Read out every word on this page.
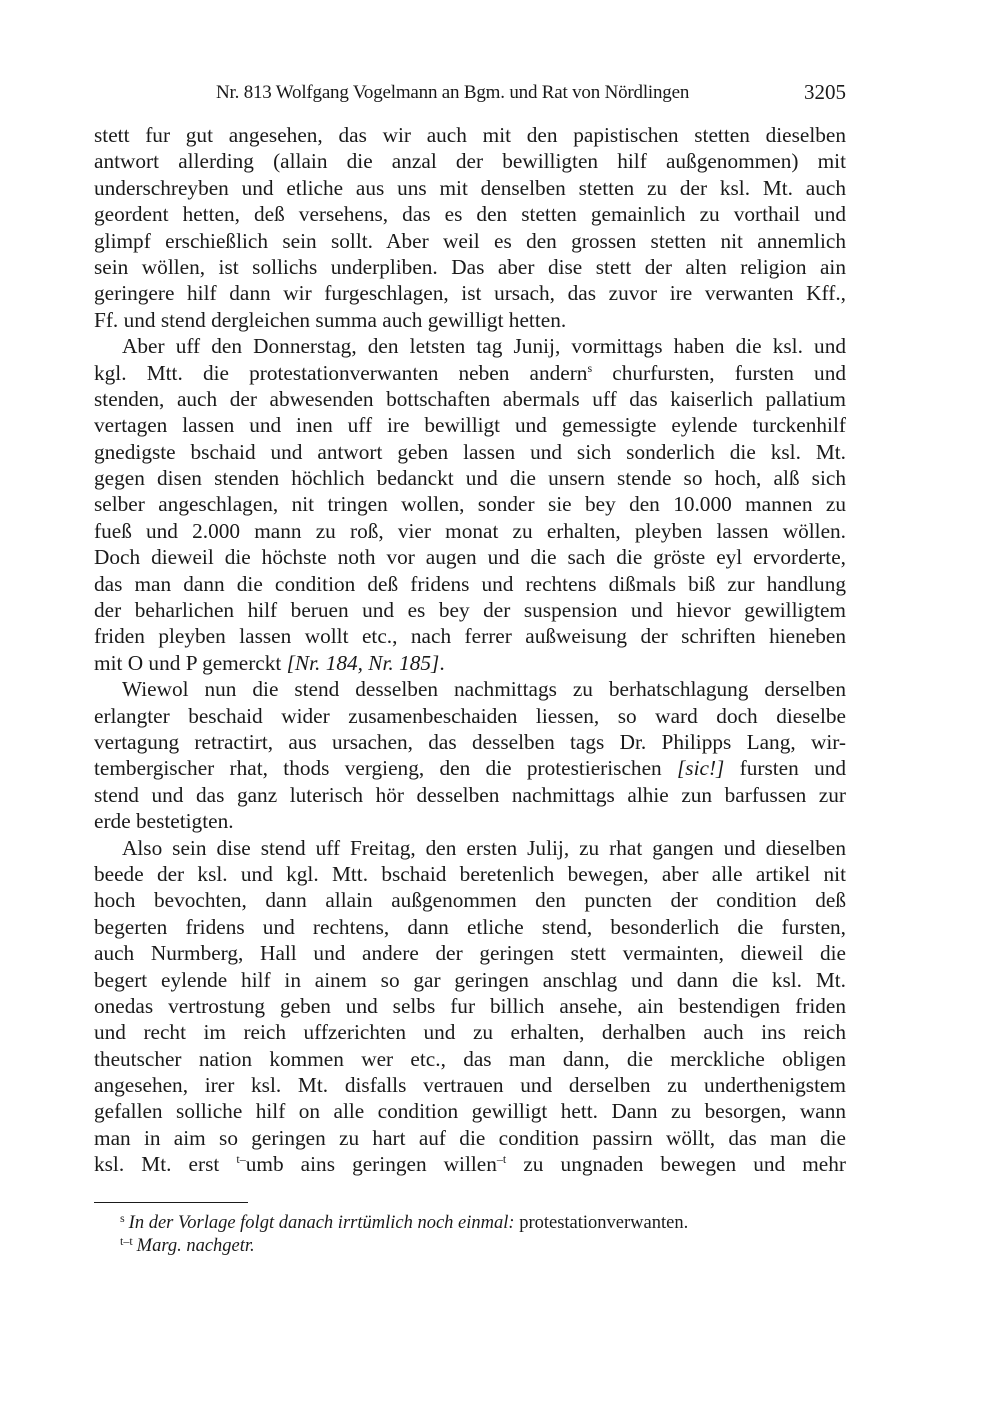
Nr. 813 Wolfgang Vogelmann an Bgm. und Rat von Nördlingen	3205
stett fur gut angesehen, das wir auch mit den papistischen stetten dieselben
antwort allerding (allain die anzal der bewilligten hilf außgenommen) mit
underschreyben und etliche aus uns mit denselben stetten zu der ksl. Mt. auch
geordent hetten, deß versehens, das es den stetten gemainlich zu vorthail und
glimpf erschießlich sein sollt. Aber weil es den grossen stetten nit annemlich
sein wöllen, ist sollichs underpliben. Das aber dise stett der alten religion ain
geringere hilf dann wir furgeschlagen, ist ursach, das zuvor ire verwanten Kff.,
Ff. und stend dergleichen summa auch gewilligt hetten.
Aber uff den Donnerstag, den letsten tag Junij, vormittags haben die ksl. und
kgl. Mtt. die protestationverwanten neben andern$^s$ churfursten, fursten und
stenden, auch der abwesenden bottschaften abermals uff das kaiserlich pallatium
vertagen lassen und inen uff ire bewilligt und gemessigte eylende turckenhilf
gnedigste bschaid und antwort geben lassen und sich sonderlich die ksl. Mt.
gegen disen stenden höchlich bedanckt und die unsern stende so hoch, alß sich
selber angeschlagen, nit tringen wollen, sonder sie bey den 10.000 mannen zu
fueß und 2.000 mann zu roß, vier monat zu erhalten, pleyben lassen wöllen.
Doch dieweil die höchste noth vor augen und die sach die gröste eyl ervorderte,
das man dann die condition deß fridens und rechtens dißmals biß zur handlung
der beharlichen hilf beruen und es bey der suspension und hievor gewilligtem
friden pleyben lassen wollt etc., nach ferrer außweisung der schriften hieneben
mit O und P gemerckt [Nr. 184, Nr. 185].
Wiewol nun die stend desselben nachmittags zu berhatschlagung derselben
erlangter beschaid wider zusamenbeschaiden liessen, so ward doch dieselbe
vertagung retractirt, aus ursachen, das desselben tags Dr. Philipps Lang, wir-
tembergischer rhat, thods vergieng, den die protestierischen [sic!] fursten und
stend und das ganz luterisch hör desselben nachmittags alhie zun barfussen zur
erde bestetigten.
Also sein dise stend uff Freitag, den ersten Julij, zu rhat gangen und dieselben
beede der ksl. und kgl. Mtt. bschaid beretenlich bewegen, aber alle artikel nit
hoch bevochten, dann allain außgenommen den puncten der condition deß
begerten fridens und rechtens, dann etliche stend, besonderlich die fursten,
auch Nurmberg, Hall und andere der geringen stett vermainten, dieweil die
begert eylende hilf in ainem so gar geringen anschlag und dann die ksl. Mt.
onedas vertrostung geben und selbs fur billich ansehe, ain bestendigen friden
und recht im reich uffzerichten und zu erhalten, derhalben auch ins reich
theutscher nation kommen wer etc., das man dann, die merckliche obligen
angesehen, irer ksl. Mt. disfalls vertrauen und derselben zu underthenigstem
gefallen solliche hilf on alle condition gewilligt hett. Dann zu besorgen, wann
man in aim so geringen zu hart auf die condition passirn wöllt, das man die
ksl. Mt. erst $^{t-}$umb ains geringen willen$^{-t}$ zu ungnaden bewegen und mehr
$^s$ In der Vorlage folgt danach irrtümlich noch einmal: protestationverwanten.
$^{t-t}$ Marg. nachgetr.
